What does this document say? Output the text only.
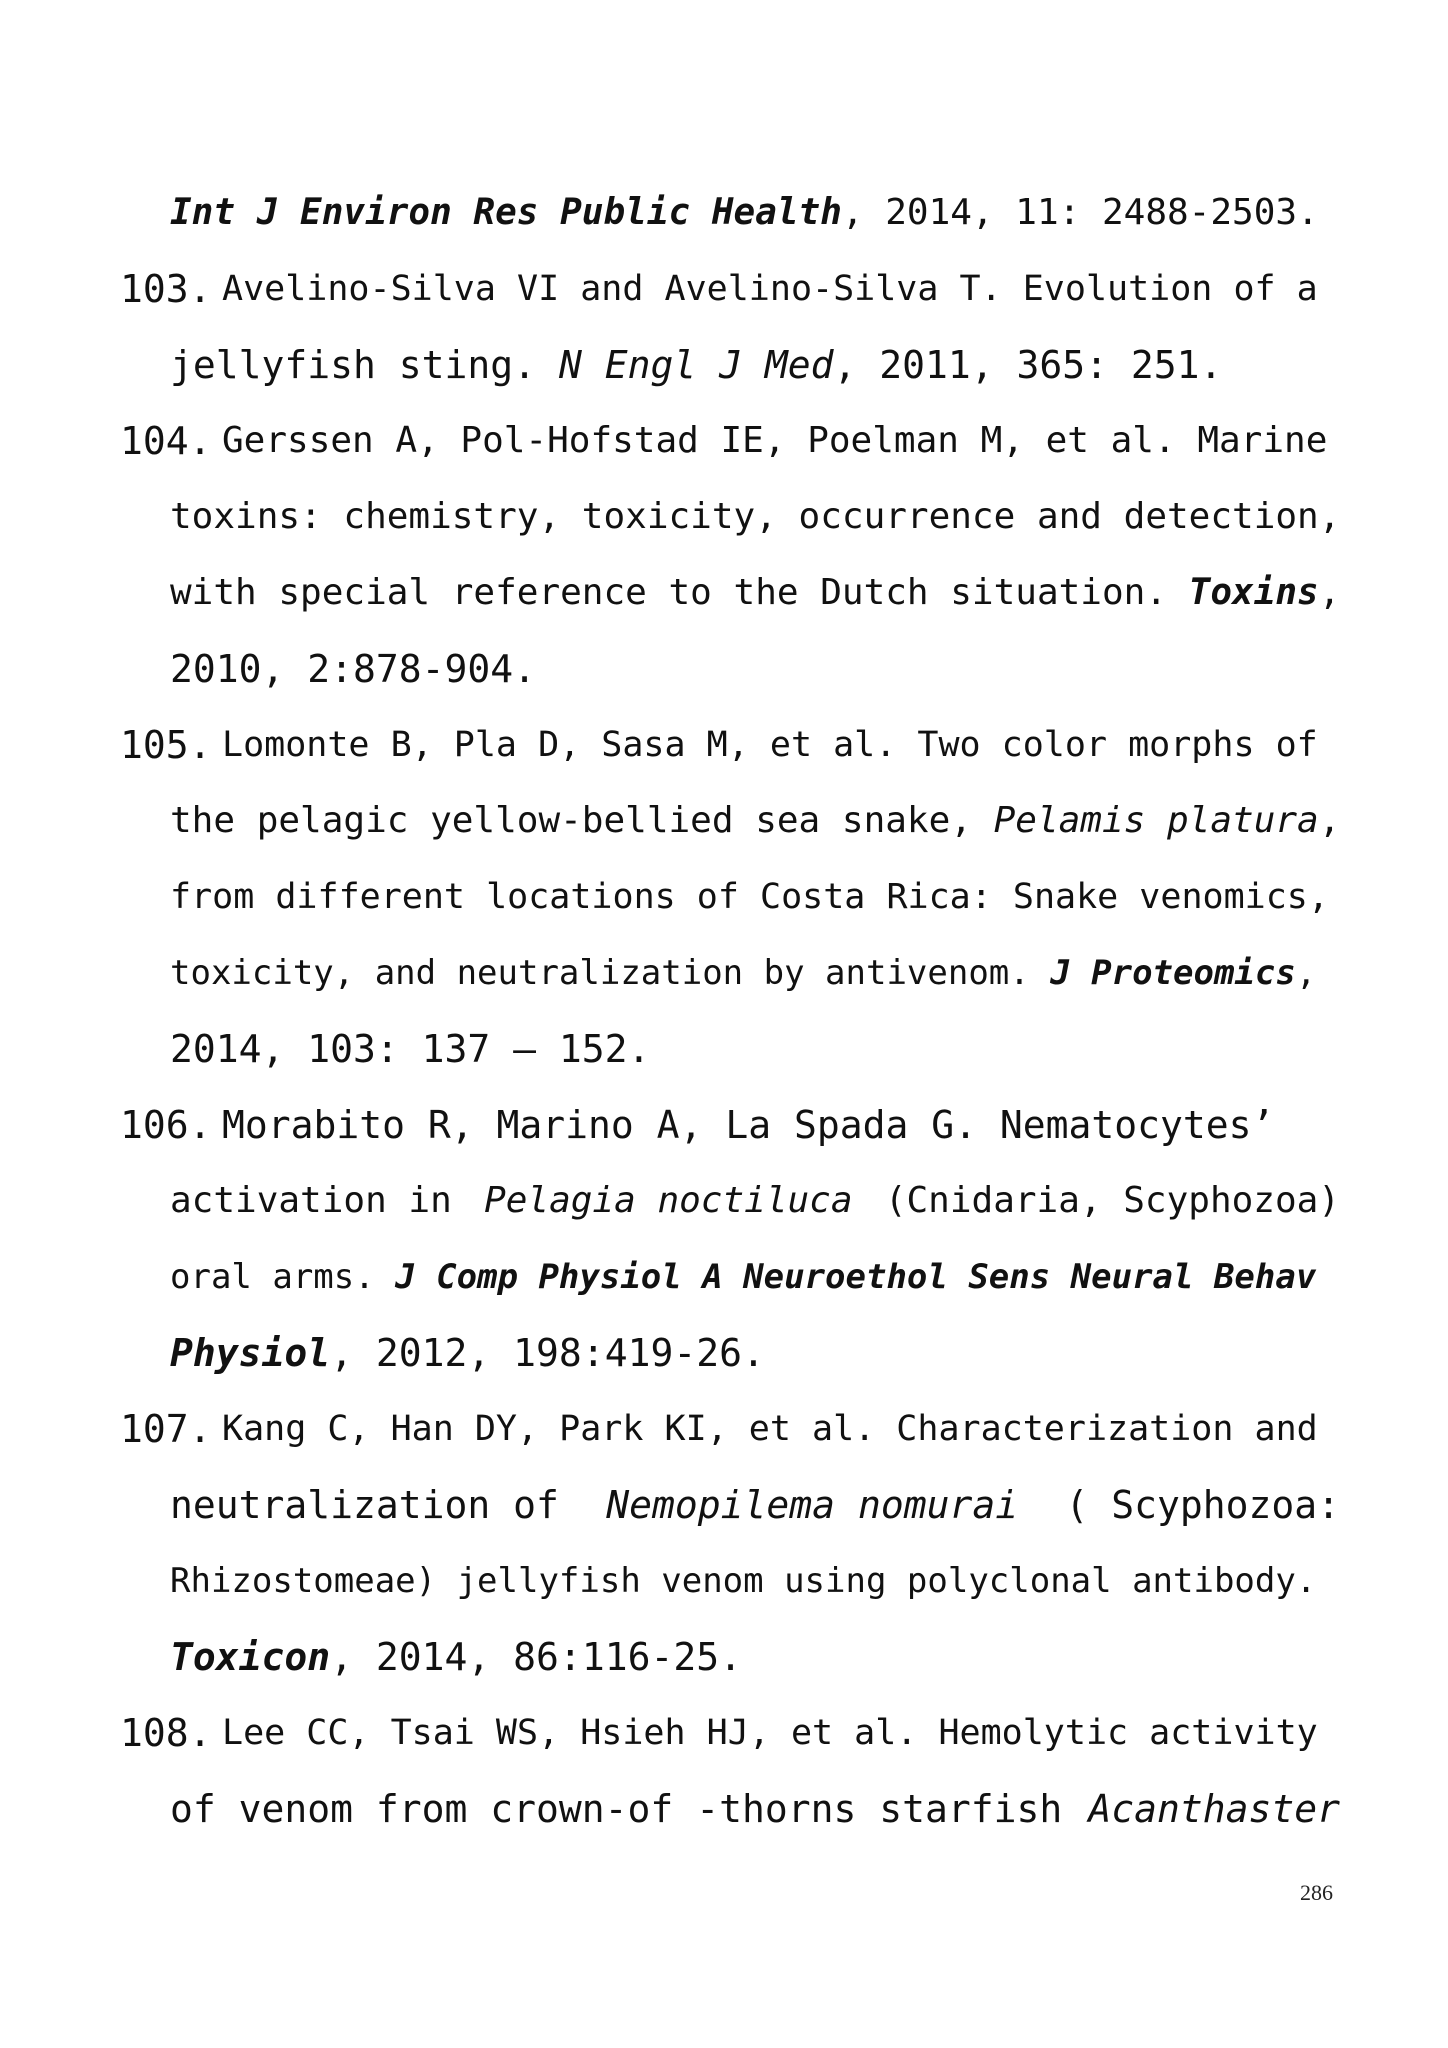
Int J Environ Res Public Health, 2014, 11: 2488-2503.
103. Avelino-Silva VI and Avelino-Silva T. Evolution of a
jellyfish sting. N Engl J Med, 2011, 365: 251.
104. Gerssen A, Pol-Hofstad IE, Poelman M, et al. Marine
toxins: chemistry, toxicity, occurrence and detection,
with special reference to the Dutch situation. Toxins,
2010, 2:878-904.
105. Lomonte B, Pla D, Sasa M, et al. Two color morphs of
the pelagic yellow-bellied sea snake, Pelamis platura,
from different locations of Costa Rica: Snake venomics,
toxicity, and neutralization by antivenom. J Proteomics,
2014, 103: 137 – 152.
106. Morabito R, Marino A, La Spada G. Nematocytes’
activation in Pelagia noctiluca (Cnidaria, Scyphozoa)
oral arms. J Comp Physiol A Neuroethol Sens Neural Behav
Physiol, 2012, 198:419-26.
107. Kang C, Han DY, Park KI, et al. Characterization and
neutralization of Nemopilema nomurai ( Scyphozoa:
Rhizostomeae) jellyfish venom using polyclonal antibody.
Toxicon, 2014, 86:116-25.
108. Lee CC, Tsai WS, Hsieh HJ, et al. Hemolytic activity
of venom from crown-of -thorns starfish Acanthaster
286
